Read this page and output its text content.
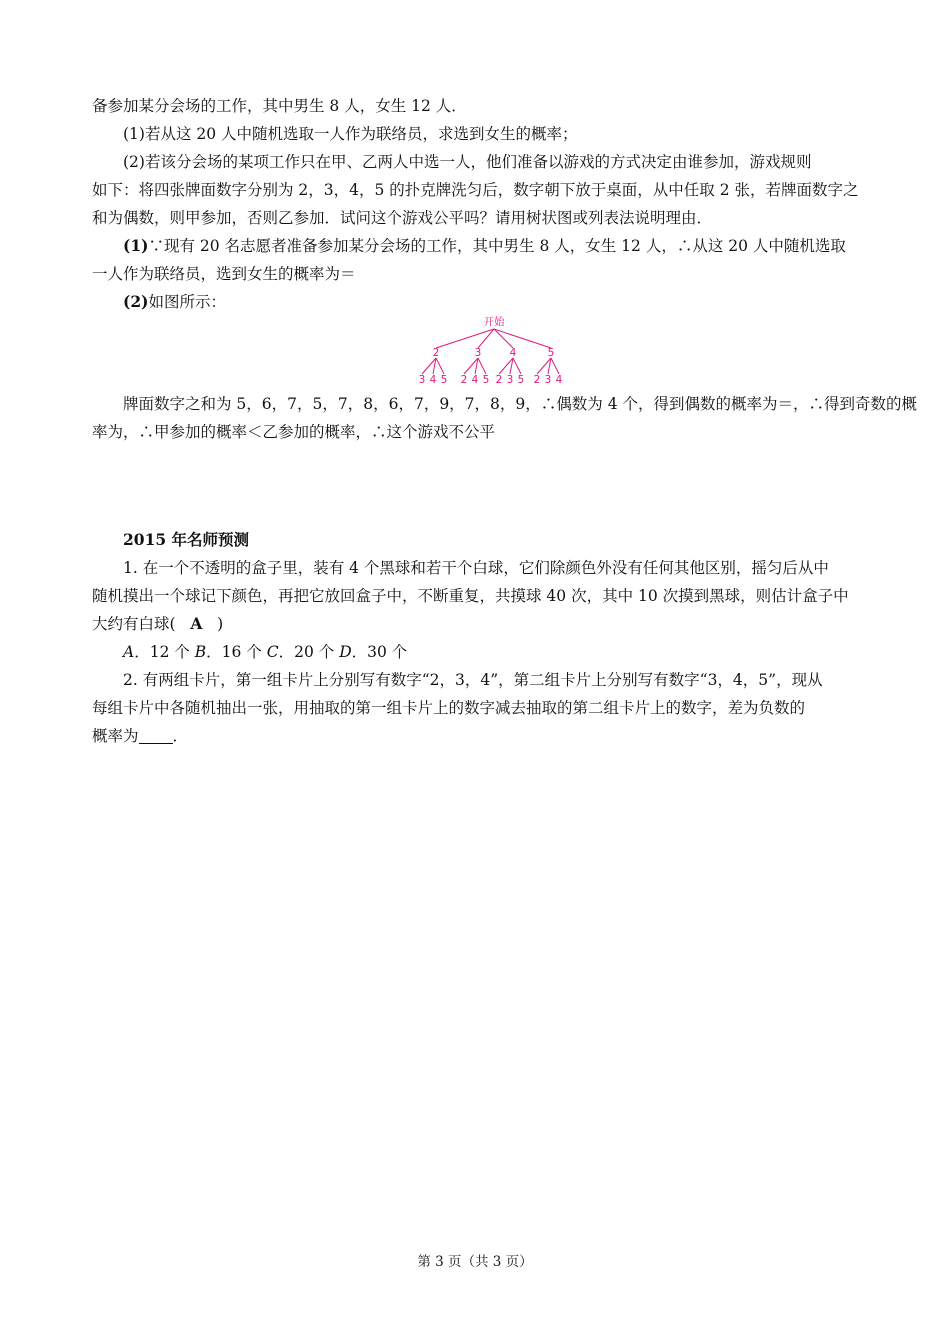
备参加某分会场的工作，其中男生 8 人，女生 12 人．
(1)若从这 20 人中随机选取一人作为联络员，求选到女生的概率；
(2)若该分会场的某项工作只在甲、乙两人中选一人，他们准备以游戏的方式决定由谁参加，游戏规则
如下：将四张牌面数字分别为 2，3，4，5 的扑克牌洗匀后，数字朝下放于桌面，从中任取 2 张，若牌面数字之
和为偶数，则甲参加，否则乙参加．试问这个游戏公平吗？请用树状图或列表法说明理由．
(1)∵现有 20 名志愿者准备参加某分会场的工作，其中男生 8 人，女生 12 人，∴从这 20 人中随机选取
一人作为联络员，选到女生的概率为＝
(2)如图所示：
开始
2
3 4 5
3
2 4 5
4
2 3 5
5
2 3 4
牌面数字之和为 5，6，7，5，7，8，6，7，9，7，8，9，∴偶数为 4 个，得到偶数的概率为＝，∴得到奇数的概
率为，∴甲参加的概率＜乙参加的概率，∴这个游戏不公平
2015 年名师预测
1. 在一个不透明的盒子里，装有 4 个黑球和若干个白球，它们除颜色外没有任何其他区别，摇匀后从中
随机摸出一个球记下颜色，再把它放回盒子中，不断重复，共摸球 40 次，其中 10 次摸到黑球，则估计盒子中
大约有白球( A )
A．12 个 B．16 个 C．20 个 D．30 个
2. 有两组卡片，第一组卡片上分别写有数字“2，3，4”，第二组卡片上分别写有数字“3，4，5”，现从
每组卡片中各随机抽出一张，用抽取的第一组卡片上的数字减去抽取的第二组卡片上的数字，差为负数的
概率为 ．
第 3 页（共 3 页）
